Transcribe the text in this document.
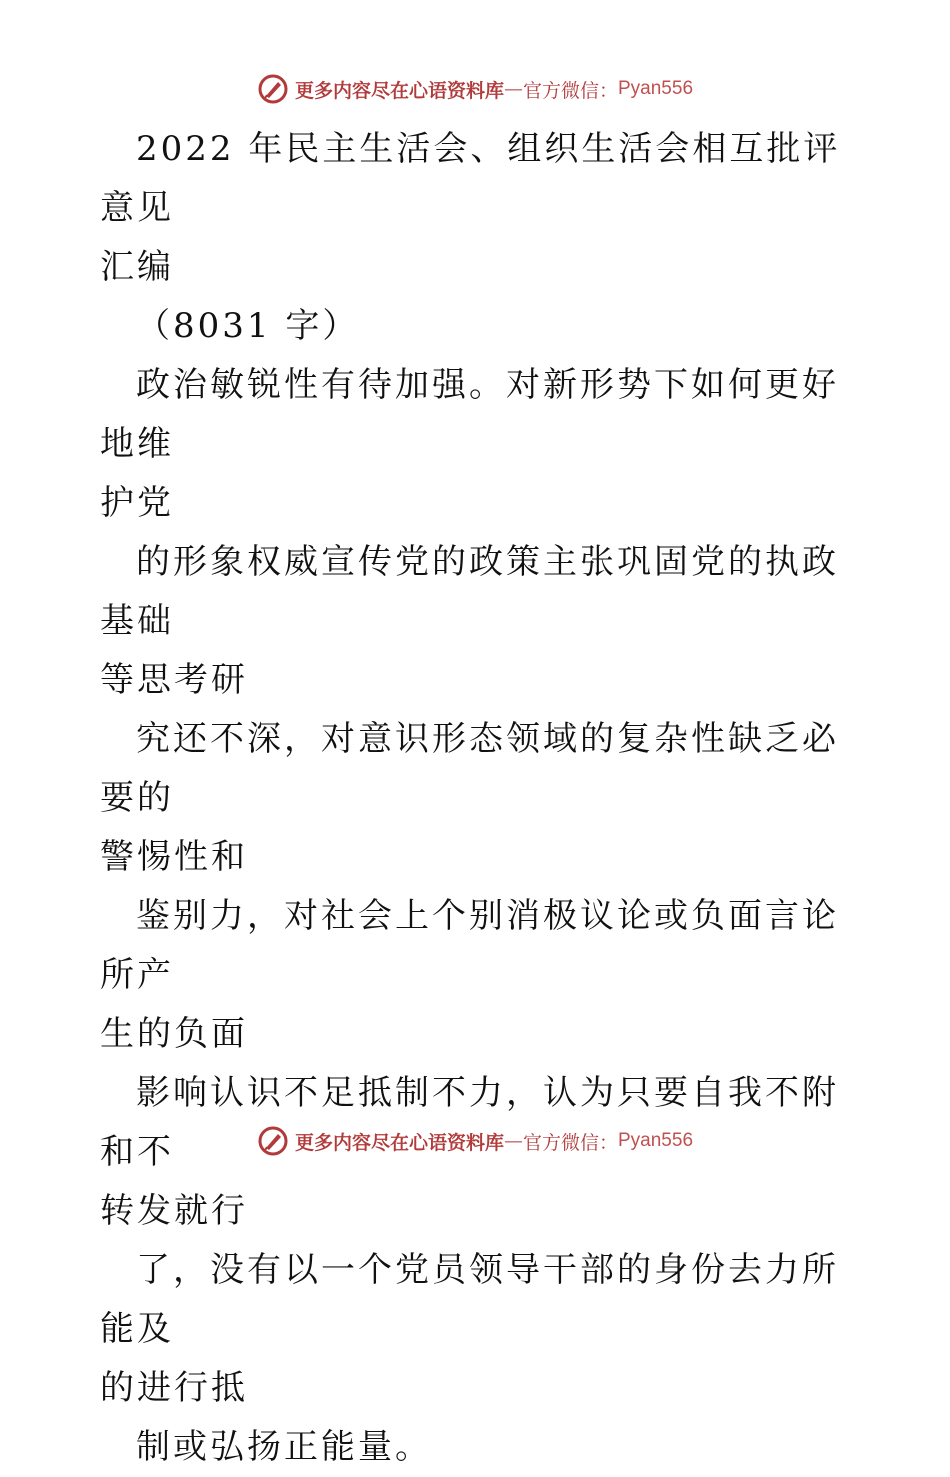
更多内容尽在心语资料库 — 官方微信： Pyan556

2022 年民主生活会、组织生活会相互批评意见

汇编

（8031 字）

政治敏锐性有待加强。对新形势下如何更好地维

护党

的形象权威宣传党的政策主张巩固党的执政基础

等思考研

究还不深，对意识形态领域的复杂性缺乏必要的

警惕性和

鉴别力，对社会上个别消极议论或负面言论所产

生的负面

影响认识不足抵制不力，认为只要自我不附和不

转发就行

了，没有以一个党员领导干部的身份去力所能及

的进行抵

制或弘扬正能量。

更多内容尽在心语资料库 — 官方微信： Pyan556
